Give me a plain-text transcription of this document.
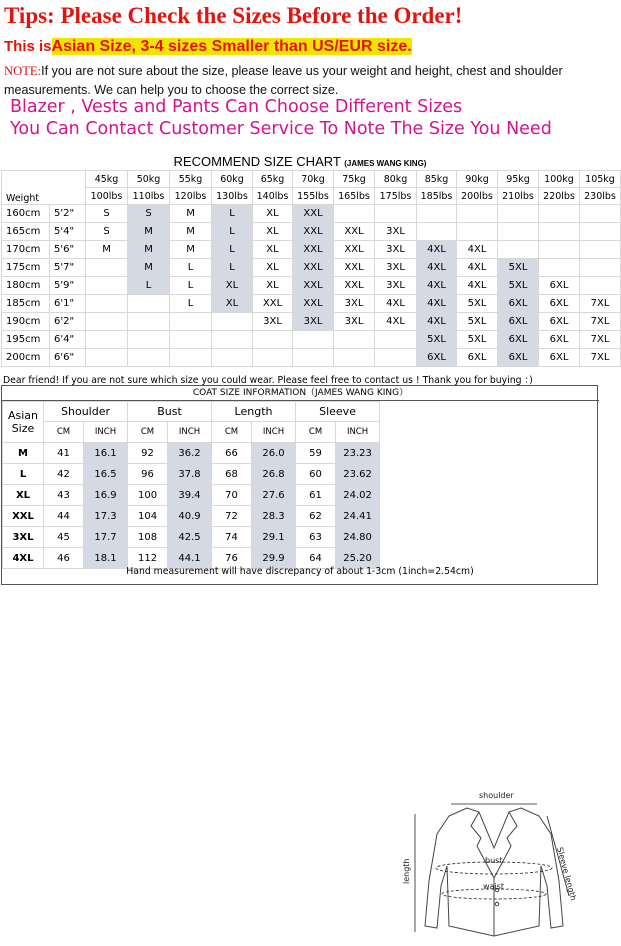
Tips: Please Check the Sizes Before the Order!
This isAsian Size, 3-4 sizes Smaller than US/EUR size.
NOTE:If you are not sure about the size, please leave us your weight and height, chest and shoulder measurements. We can help you to choose the correct size.
Blazer , Vests and Pants Can Choose Different Sizes
You Can Contact Customer Service To Note The Size You Need
RECOMMEND SIZE CHART (JAMES WANG KING)
Weight		45kg	50kg	55kg	60kg	65kg	70kg	75kg	80kg	85kg	90kg	95kg	100kg	105kg
		100lbs	110lbs	120lbs	130lbs	140lbs	155lbs	165lbs	175lbs	185lbs	200lbs	210lbs	220lbs	230lbs
160cm	5'2"	S	S	M	L	XL	XXL							
165cm	5'4"	S	M	M	L	XL	XXL	XXL	3XL					
170cm	5'6"	M	M	M	L	XL	XXL	XXL	3XL	4XL	4XL			
175cm	5'7"		M	L	L	XL	XXL	XXL	3XL	4XL	4XL	5XL		
180cm	5'9"		L	L	XL	XL	XXL	XXL	3XL	4XL	4XL	5XL	6XL	
185cm	6'1"			L	XL	XXL	XXL	3XL	4XL	4XL	5XL	6XL	6XL	7XL
190cm	6'2"					3XL	3XL	3XL	4XL	4XL	5XL	6XL	6XL	7XL
195cm	6'4"									5XL	5XL	6XL	6XL	7XL
200cm	6'6"									6XL	6XL	6XL	6XL	7XL
Dear friend! If you are not sure which size you could wear. Please feel free to contact us ! Thank you for buying ：)
COAT SIZE INFORMATION（JAMES WANG KING）
Asian
Size	Shoulder		Bust		Length		Sleeve	
	CM	INCH	CM	INCH	CM	INCH	CM	INCH
M	41	16.1	92	36.2	66	26.0	59	23.23
L	42	16.5	96	37.8	68	26.8	60	23.62
XL	43	16.9	100	39.4	70	27.6	61	24.02
XXL	44	17.3	104	40.9	72	28.3	62	24.41
3XL	45	17.7	108	42.5	74	29.1	63	24.80
4XL	46	18.1	112	44.1	76	29.9	64	25.20
shoulder
bust
waist
length	Sleeve length
Hand measurement will have discrepancy of about 1-3cm (1inch=2.54cm)
